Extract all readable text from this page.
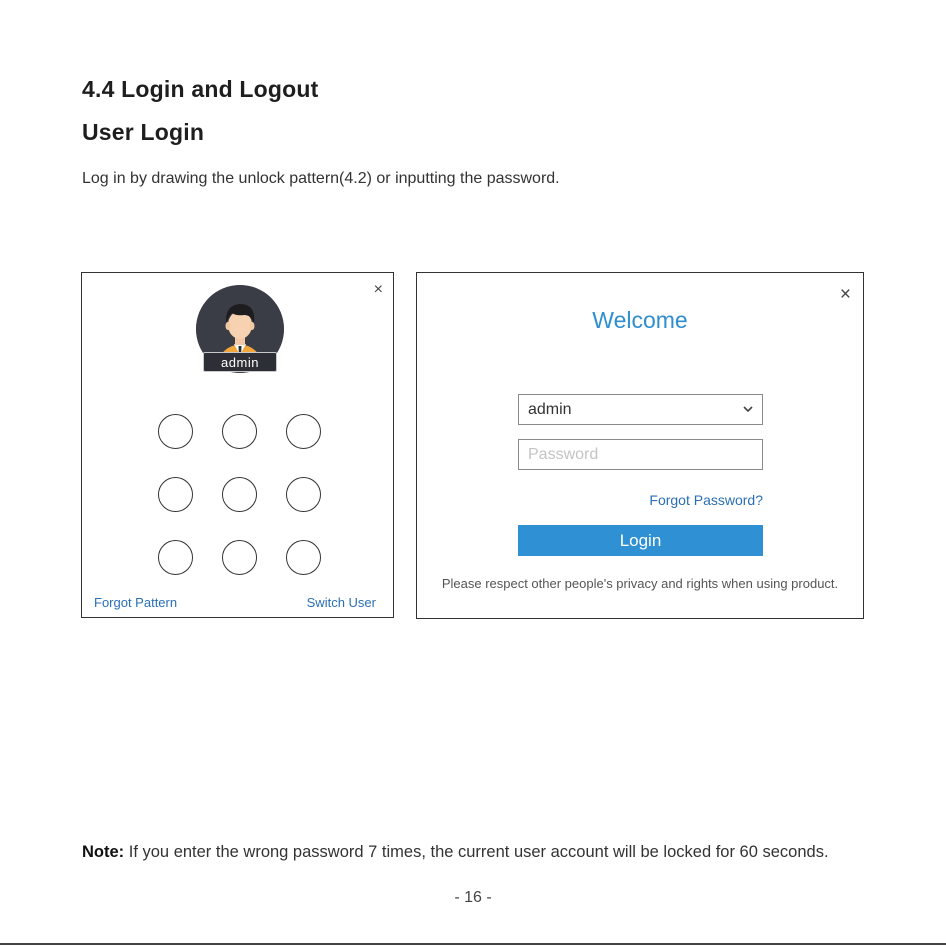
4.4 Login and Logout
User Login

Log in by drawing the unlock pattern(4.2) or inputting the password.

×
admin
Forgot Pattern	Switch User
×
Welcome
admin
Forgot Password?
Login
Please respect other people's privacy and rights when using product.

Note: If you enter the wrong password 7 times, the current user account will be locked for 60 seconds.

- 16 -
